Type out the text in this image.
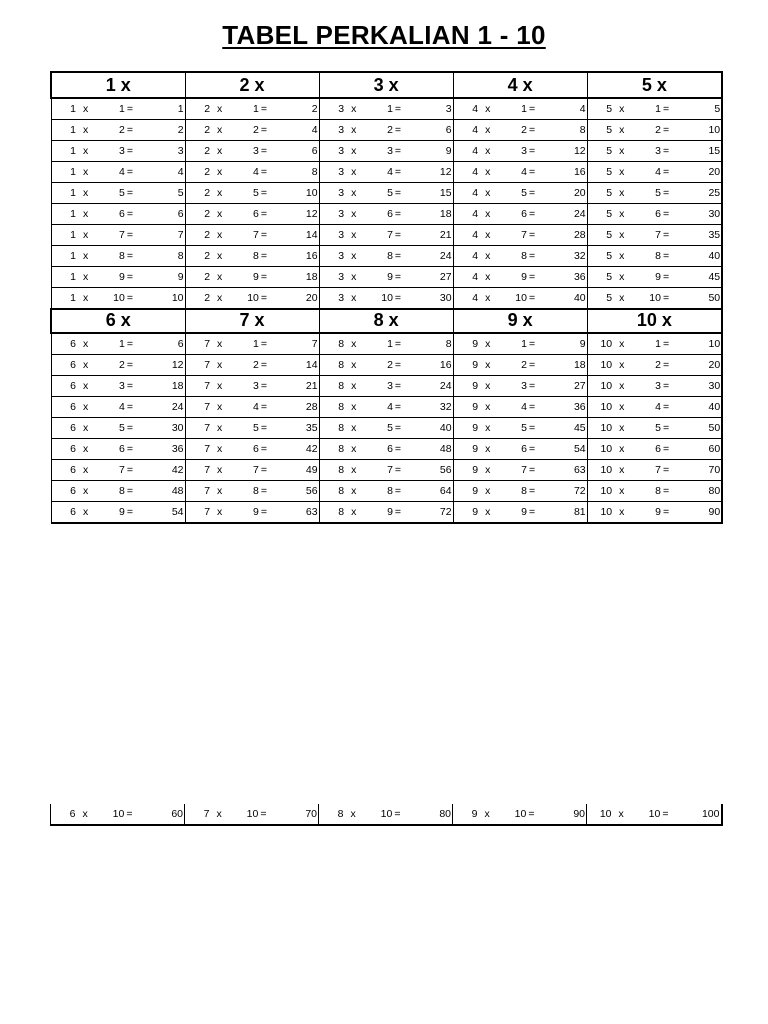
TABEL PERKALIAN 1 - 10
1 x				2 x				3 x				4 x				5 x			
1	x	1 =	1	2	x	1 =	2	3	x	1 =	3	4	x	1 =	4	5	x	1 =	5
1	x	2 =	2	2	x	2 =	4	3	x	2 =	6	4	x	2 =	8	5	x	2 =	10
1	x	3 =	3	2	x	3 =	6	3	x	3 =	9	4	x	3 =	12	5	x	3 =	15
1	x	4 =	4	2	x	4 =	8	3	x	4 =	12	4	x	4 =	16	5	x	4 =	20
1	x	5 =	5	2	x	5 =	10	3	x	5 =	15	4	x	5 =	20	5	x	5 =	25
1	x	6 =	6	2	x	6 =	12	3	x	6 =	18	4	x	6 =	24	5	x	6 =	30
1	x	7 =	7	2	x	7 =	14	3	x	7 =	21	4	x	7 =	28	5	x	7 =	35
1	x	8 =	8	2	x	8 =	16	3	x	8 =	24	4	x	8 =	32	5	x	8 =	40
1	x	9 =	9	2	x	9 =	18	3	x	9 =	27	4	x	9 =	36	5	x	9 =	45
1	x	10 =	10	2	x	10 =	20	3	x	10 =	30	4	x	10 =	40	5	x	10 =	50
6 x				7 x				8 x				9 x				10 x			
6	x	1 =	6	7	x	1 =	7	8	x	1 =	8	9	x	1 =	9	10	x	1 =	10
6	x	2 =	12	7	x	2 =	14	8	x	2 =	16	9	x	2 =	18	10	x	2 =	20
6	x	3 =	18	7	x	3 =	21	8	x	3 =	24	9	x	3 =	27	10	x	3 =	30
6	x	4 =	24	7	x	4 =	28	8	x	4 =	32	9	x	4 =	36	10	x	4 =	40
6	x	5 =	30	7	x	5 =	35	8	x	5 =	40	9	x	5 =	45	10	x	5 =	50
6	x	6 =	36	7	x	6 =	42	8	x	6 =	48	9	x	6 =	54	10	x	6 =	60
6	x	7 =	42	7	x	7 =	49	8	x	7 =	56	9	x	7 =	63	10	x	7 =	70
6	x	8 =	48	7	x	8 =	56	8	x	8 =	64	9	x	8 =	72	10	x	8 =	80
6	x	9 =	54	7	x	9 =	63	8	x	9 =	72	9	x	9 =	81	10	x	9 =	90
6	x	10 =	60	7	x	10 =	70	8	x	10 =	80	9	x	10 =	90	10	x	10 =	100
